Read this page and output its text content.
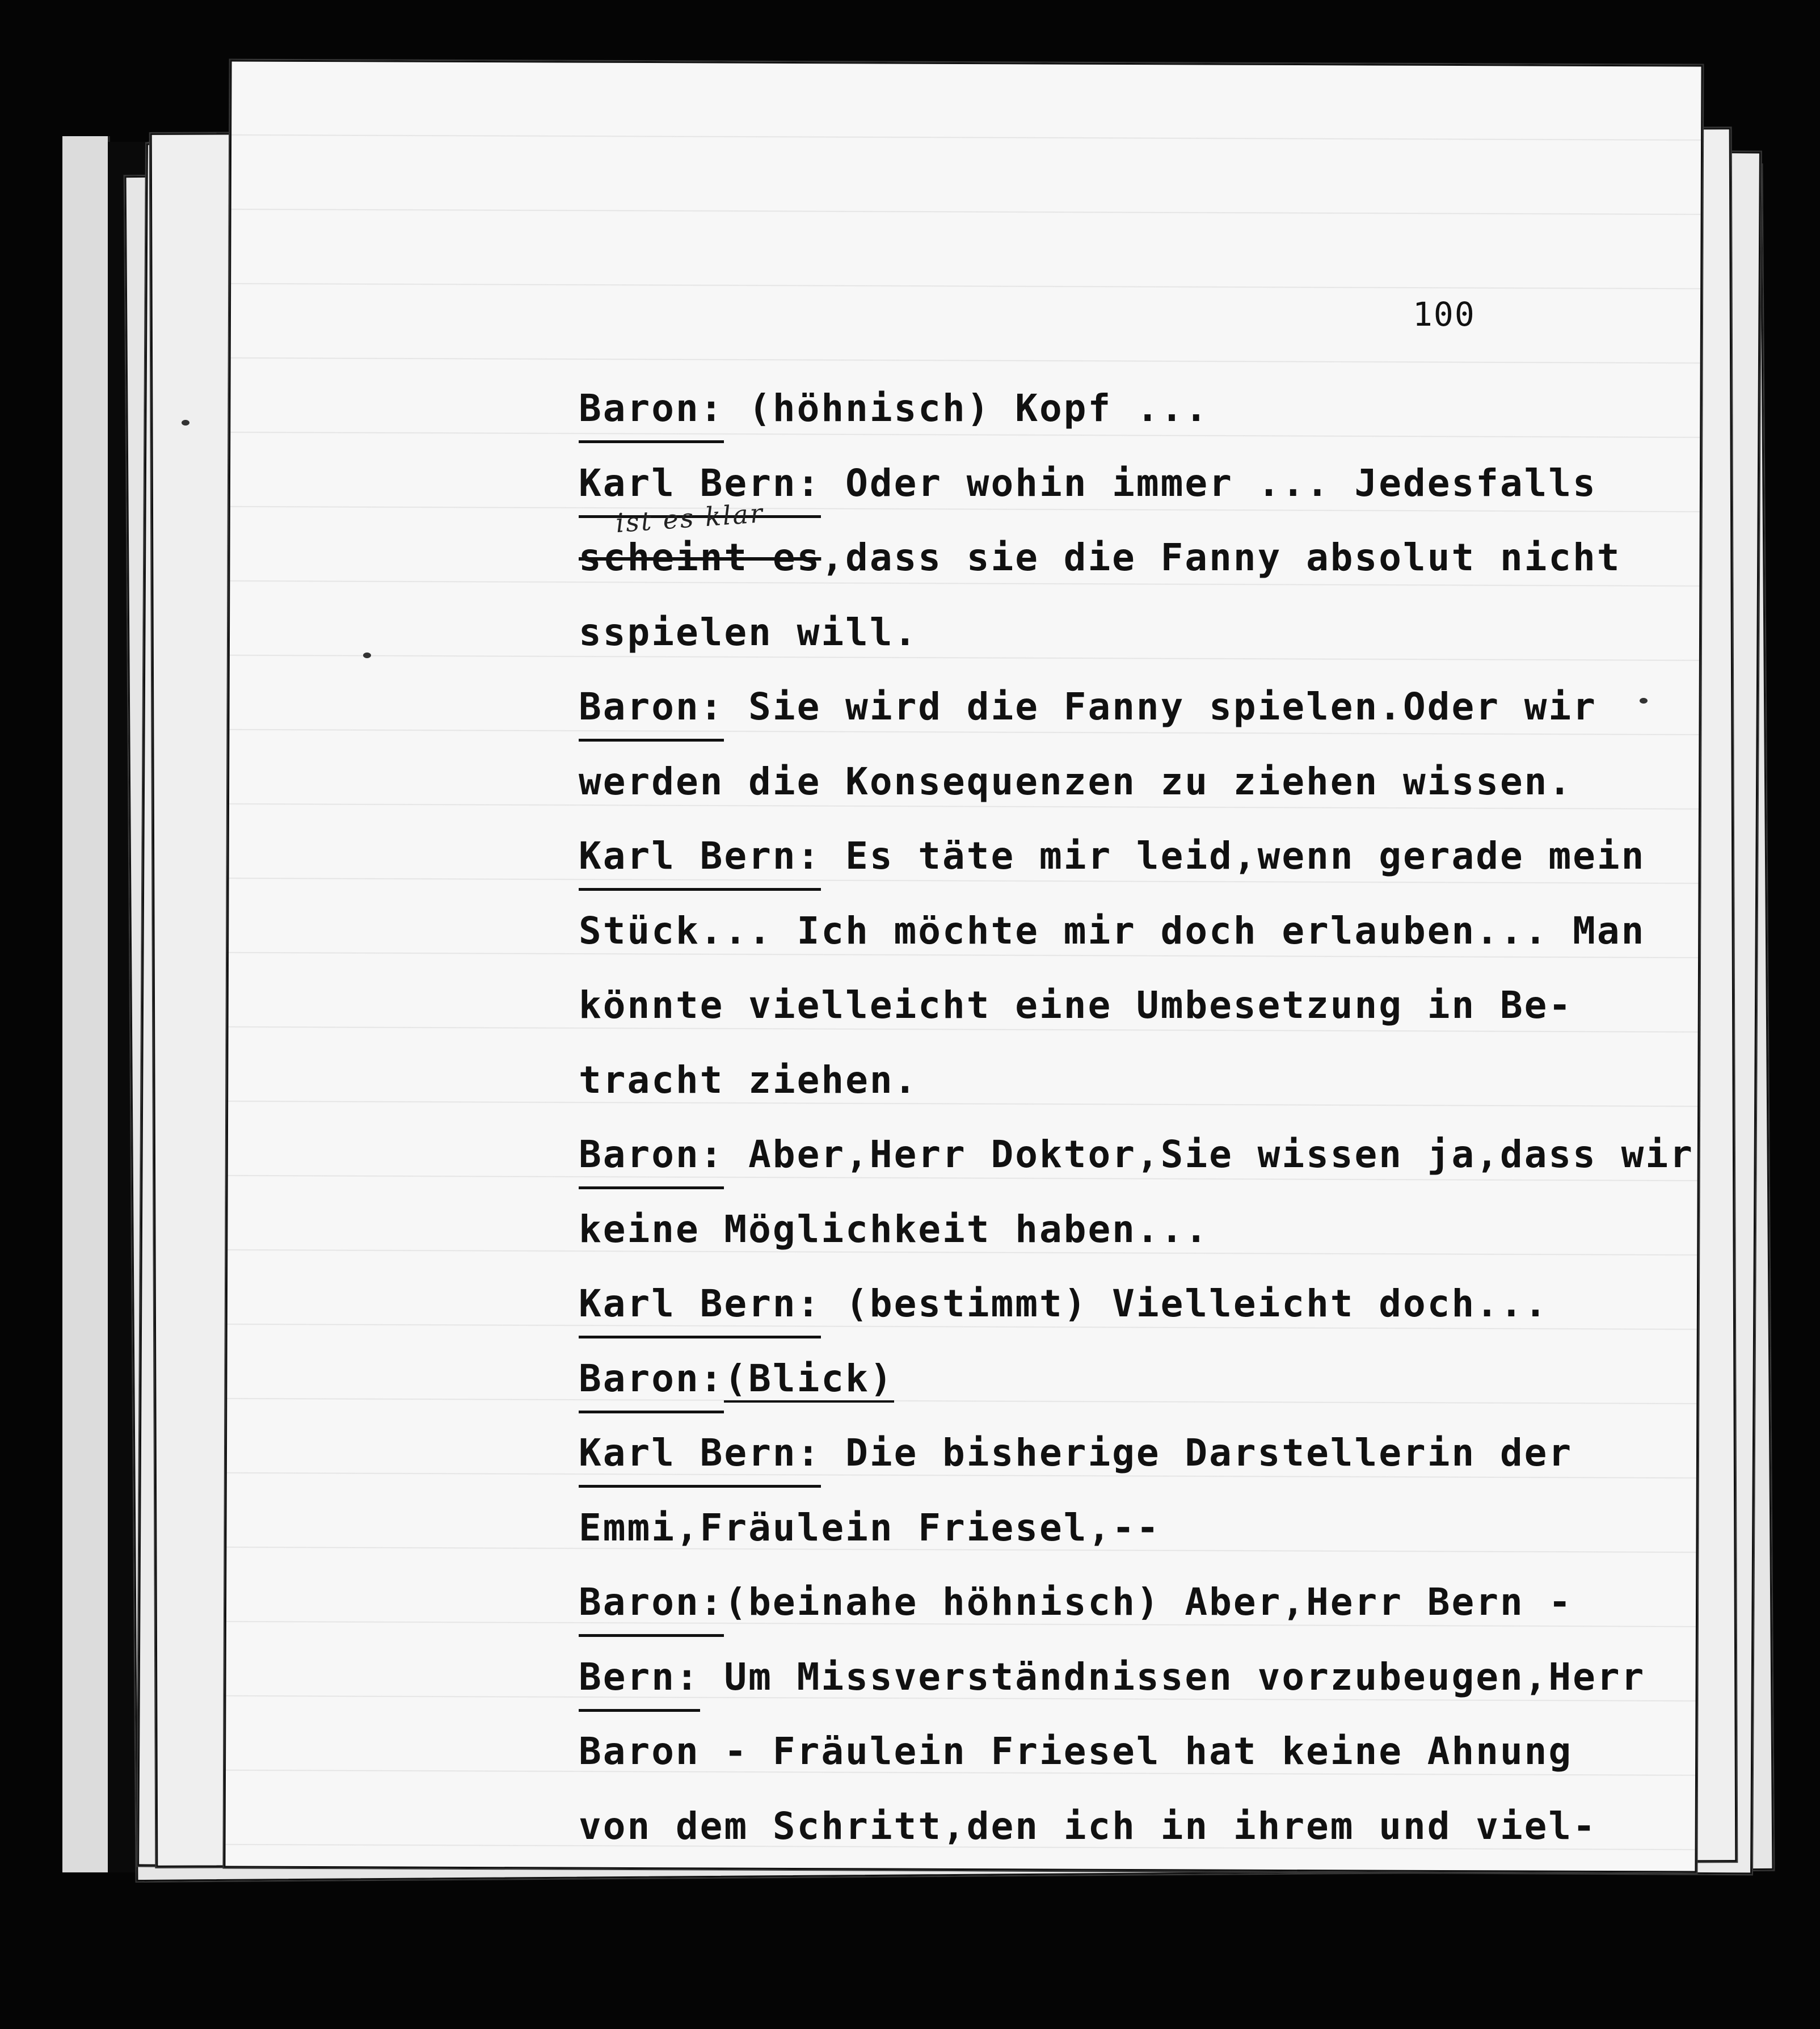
100
Baron: (höhnisch) Kopf ...
Karl Bern: Oder wohin immer ... Jedesfalls
ist es klar
scheint es,dass sie die Fanny absolut nicht
sspielen will.
Baron: Sie wird die Fanny spielen.Oder wir
werden die Konsequenzen zu ziehen wissen.
Karl Bern: Es täte mir leid,wenn gerade mein
Stück... Ich möchte mir doch erlauben... Man
könnte vielleicht eine Umbesetzung in Be-
tracht ziehen.
Baron: Aber,Herr Doktor,Sie wissen ja,dass wir
keine Möglichkeit haben...
Karl Bern: (bestimmt) Vielleicht doch...
Baron:(Blick)
Karl Bern: Die bisherige Darstellerin der
Emmi,Fräulein Friesel,--
Baron:(beinahe höhnisch) Aber,Herr Bern -
Bern: Um Missverständnissen vorzubeugen,Herr
Baron - Fräulein Friesel hat keine Ahnung
von dem Schritt,den ich in ihrem und viel-
